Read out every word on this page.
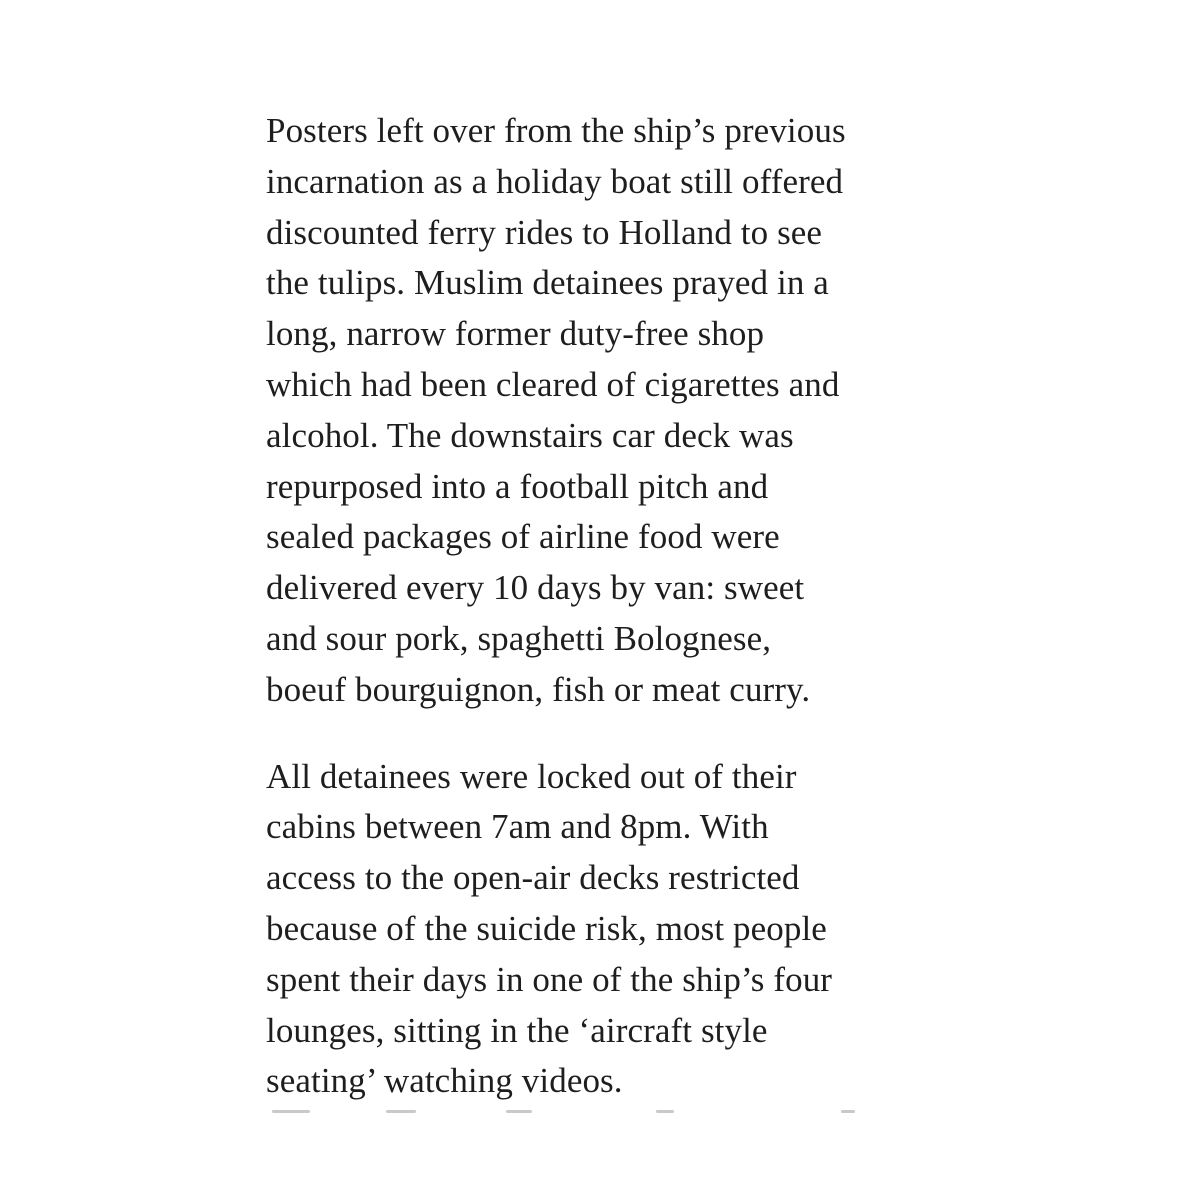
Posters left over from the ship’s previous
incarnation as a holiday boat still offered
discounted ferry rides to Holland to see
the tulips. Muslim detainees prayed in a
long, narrow former duty-free shop
which had been cleared of cigarettes and
alcohol. The downstairs car deck was
repurposed into a football pitch and
sealed packages of airline food were
delivered every 10 days by van: sweet
and sour pork, spaghetti Bolognese,
boeuf bourguignon, fish or meat curry.

All detainees were locked out of their
cabins between 7am and 8pm. With
access to the open-air decks restricted
because of the suicide risk, most people
spent their days in one of the ship’s four
lounges, sitting in the ‘aircraft style
seating’ watching videos.
